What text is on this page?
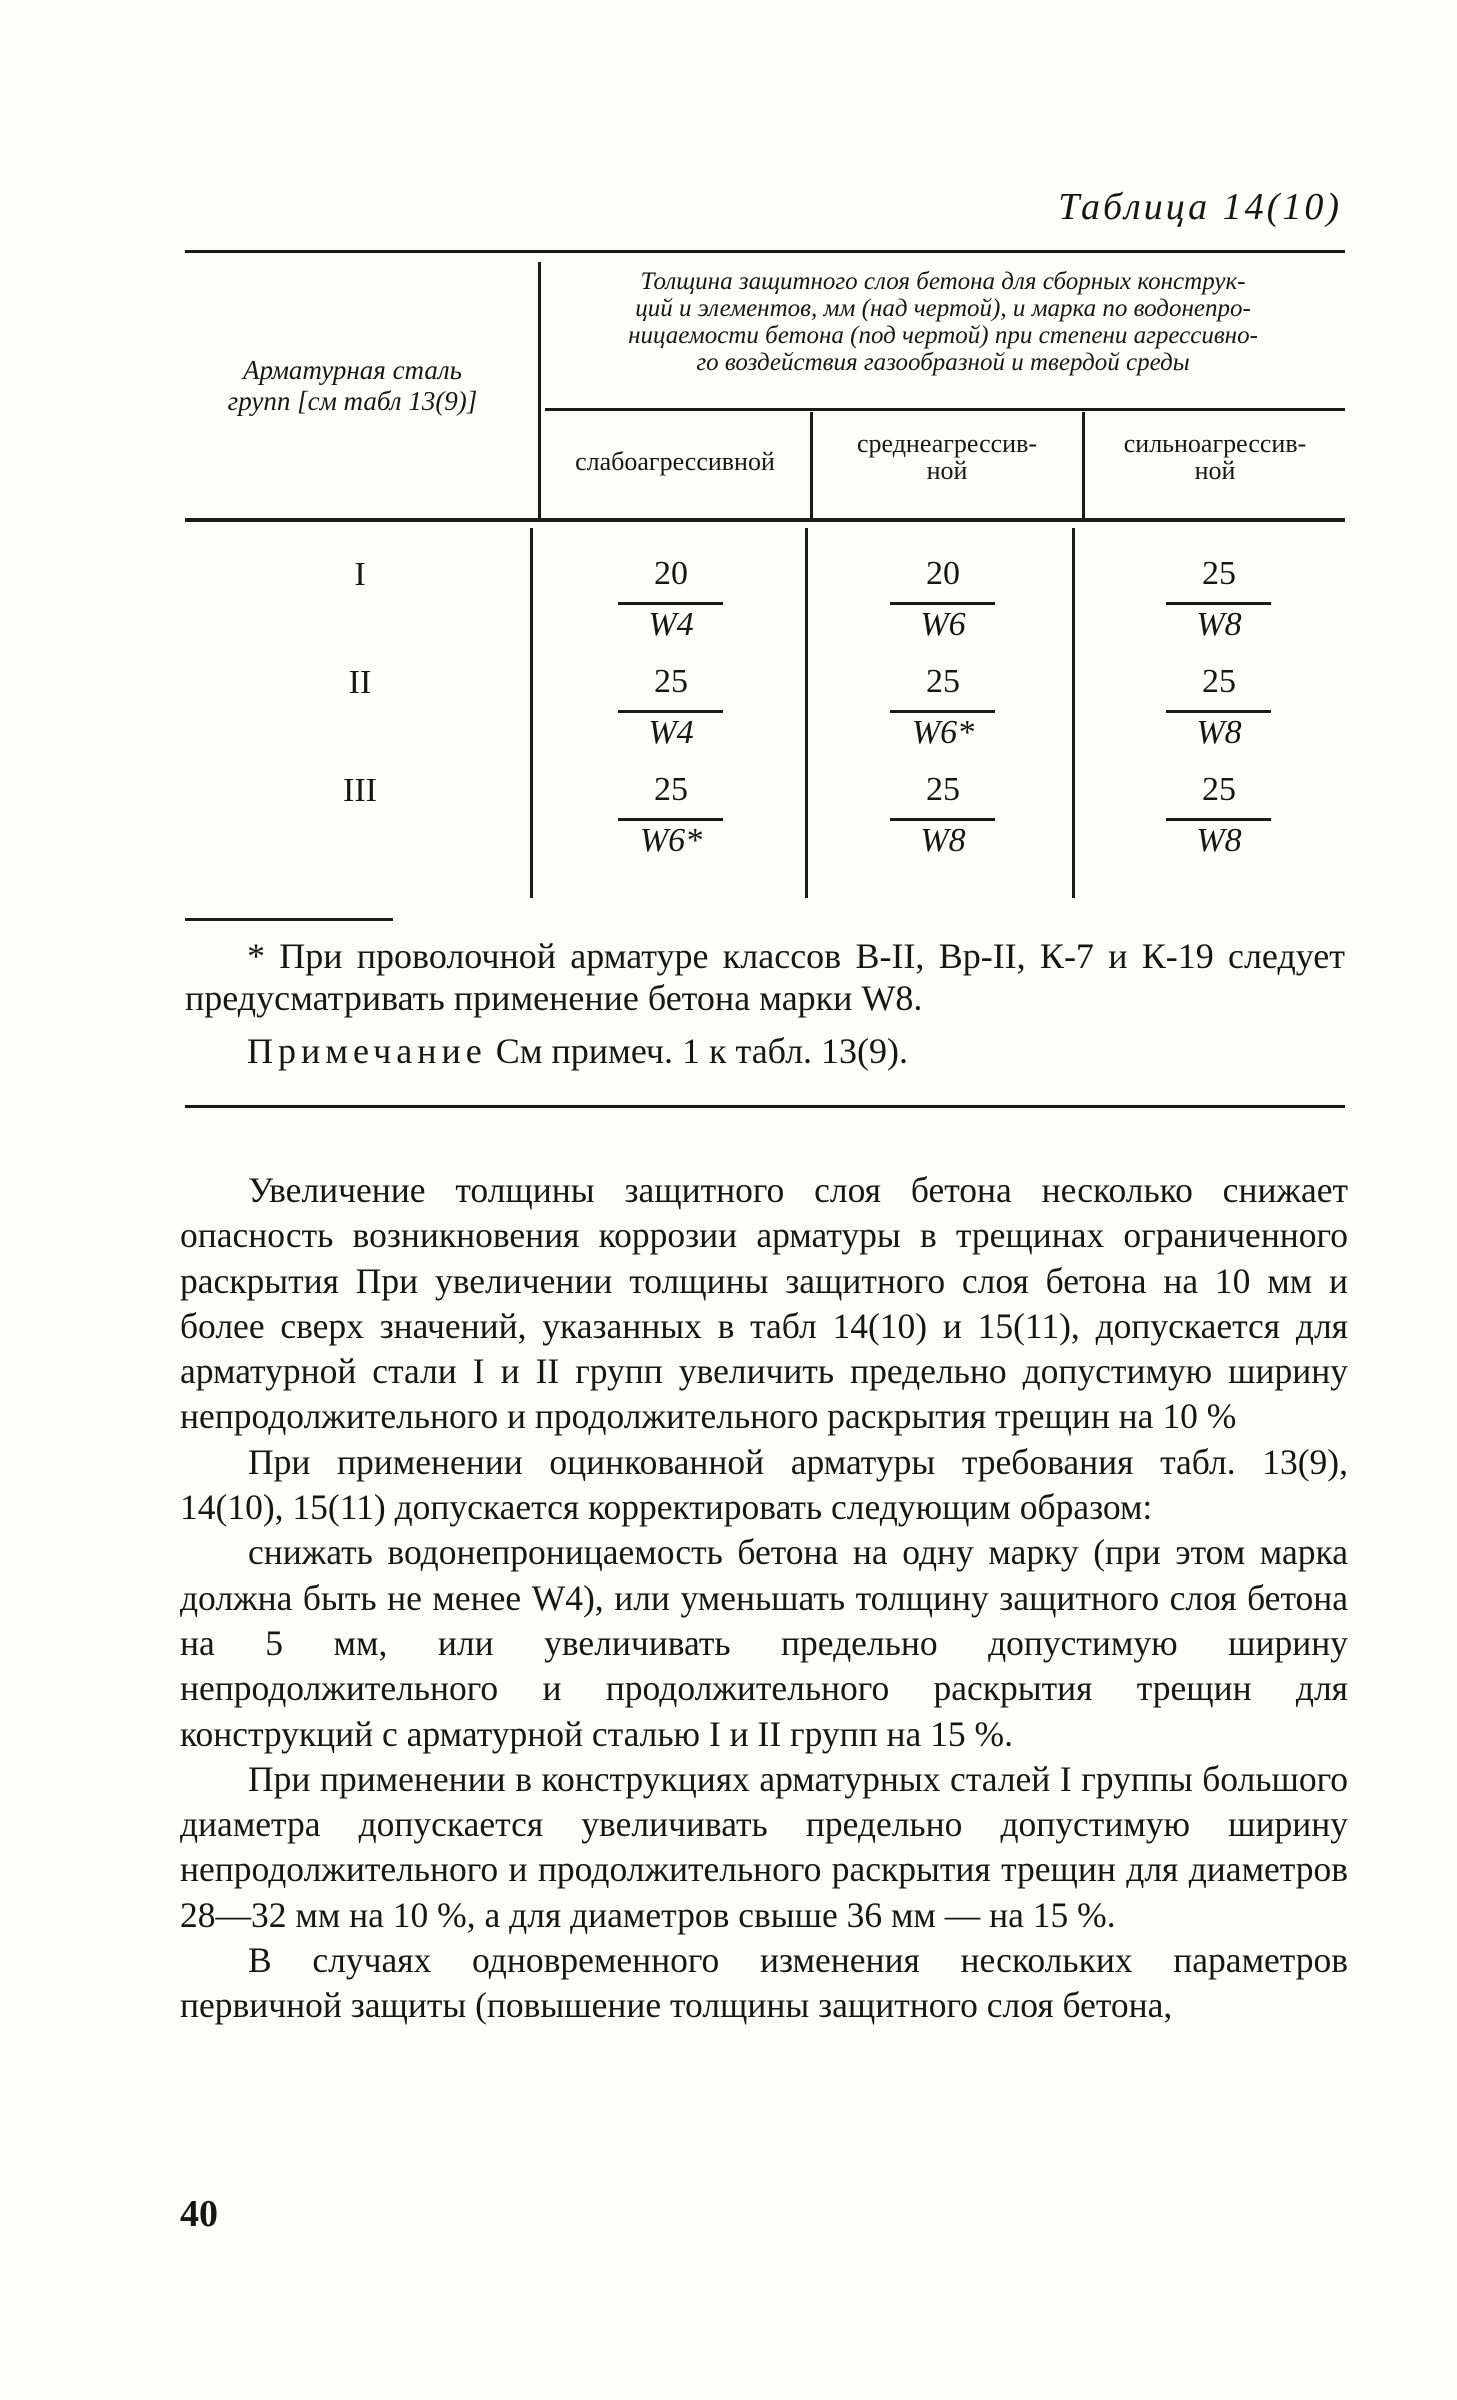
Таблица 14(10)
Арматурная сталь
групп [см табл 13(9)]
Толщина защитного слоя бетона для сборных конструк-
ций и элементов, мм (над чертой), и марка по водонепро-
ницаемости бетона (под чертой) при степени агрессивно-
го воздействия газообразной и твердой среды
слабоагрессивной
среднеагрессив-
ной
сильноагрессив-
ной
I
II
III
20
W4
20
W6
25
W8
25
W4
25
W6*
25
W8
25
W6*
25
W8
25
W8
* При проволочной арматуре классов В-II, Вр-II, К-7 и К-19 следует предусматривать применение бетона марки W8.
Примечание См примеч. 1 к табл. 13(9).

Увеличение толщины защитного слоя бетона несколько снижает опасность возникновения коррозии арматуры в трещинах ограниченного раскрытия При увеличении толщины защитного слоя бетона на 10 мм и более сверх значений, указанных в табл 14(10) и 15(11), допускается для арматурной стали I и II групп увеличить предельно допустимую ширину непродолжительного и продолжительного раскрытия трещин на 10 %

При применении оцинкованной арматуры требования табл. 13(9), 14(10), 15(11) допускается корректировать следующим образом:

снижать водонепроницаемость бетона на одну марку (при этом марка должна быть не менее W4), или уменьшать толщину защитного слоя бетона на 5 мм, или увеличивать предельно допустимую ширину непродолжительного и продолжительного раскрытия трещин для конструкций с арматурной сталью I и II групп на 15 %.

При применении в конструкциях арматурных сталей I группы большого диаметра допускается увеличивать предельно допустимую ширину непродолжительного и продолжительного раскрытия трещин для диаметров 28—32 мм на 10 %, а для диаметров свыше 36 мм — на 15 %.

В случаях одновременного изменения нескольких параметров первичной защиты (повышение толщины защитного слоя бетона,

40
